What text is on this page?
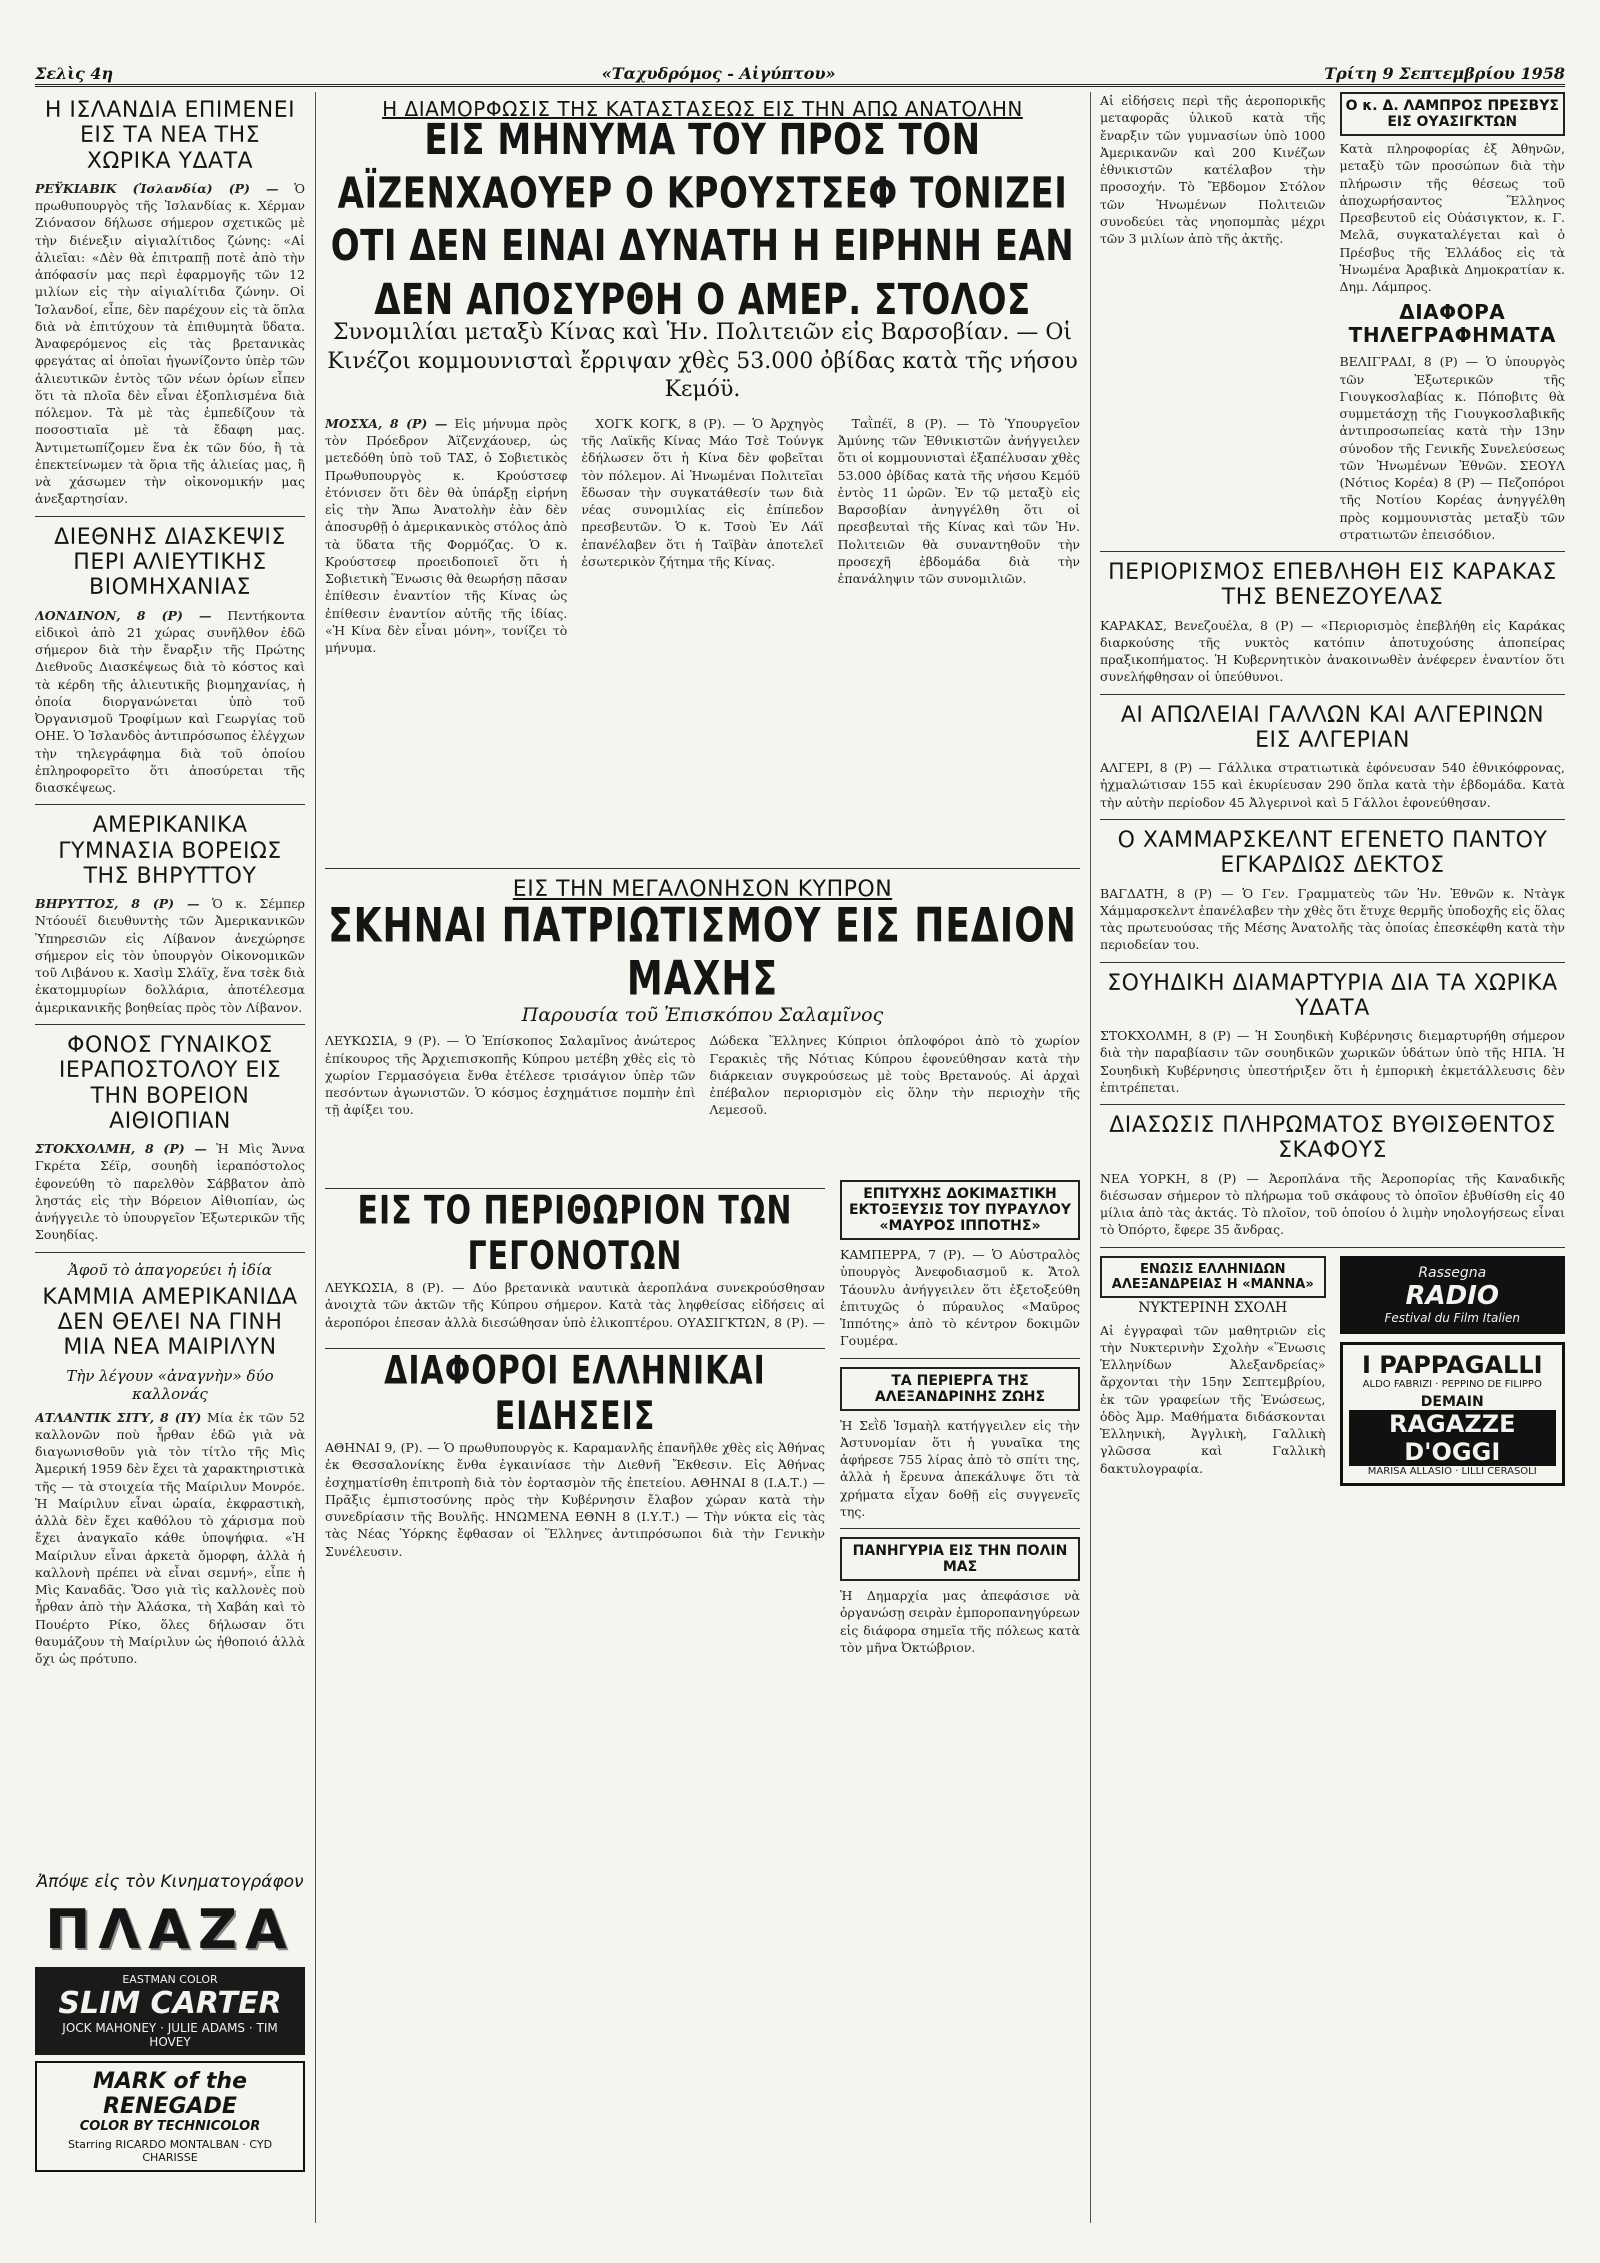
Σελὶς 4η	«Ταχυδρόμος - Αἰγύπτου»	Τρίτη 9 Σεπτεμβρίου 1958
Η ΙΣΛΑΝΔΙΑ ΕΠΙΜΕΝΕΙ ΕΙΣ ΤΑ ΝΕΑ ΤΗΣ ΧΩΡΙΚΑ ΥΔΑΤΑ

ΡΕΫΚΙΑΒΙΚ (Ἰσλανδία) (P) — Ὁ πρωθυπουργὸς τῆς Ἰσλανδίας κ. Χέρμαν Ζιόνασον δήλωσε σήμερον σχετικῶς μὲ τὴν διένεξιν αἰγιαλίτιδος ζώνης: «Αἱ ἁλιεῖαι: «Δὲν θὰ ἐπιτραπῇ ποτὲ ἀπὸ τὴν ἀπόφασίν μας περὶ ἐφαρμογῆς τῶν 12 μιλίων εἰς τὴν αἰγιαλίτιδα ζώνην. Οἱ Ἰσλανδοί, εἶπε, δὲν παρέχουν εἰς τὰ ὅπλα διὰ νὰ ἐπιτύχουν τὰ ἐπιθυμητὰ ὕδατα. Ἀναφερόμενος εἰς τὰς βρετανικὰς φρεγάτας αἱ ὁποῖαι ἠγωνίζοντο ὑπὲρ τῶν ἁλιευτικῶν ἐντὸς τῶν νέων ὁρίων εἶπεν ὅτι τὰ πλοῖα δὲν εἶναι ἐξοπλισμένα διὰ πόλεμον. Τὰ μὲ τὰς ἐμπεδίζουν τὰ ποσοστιαῖα μὲ τὰ ἔδαφη μας. Ἀντιμετωπίζομεν ἕνα ἐκ τῶν δύο, ἢ τὰ ἐπεκτείνωμεν τὰ ὅρια τῆς ἁλιείας μας, ἢ νὰ χάσωμεν τὴν οἰκονομικήν μας ἀνεξαρτησίαν.

ΔΙΕΘΝΗΣ ΔΙΑΣΚΕΨΙΣ ΠΕΡΙ ΑΛΙΕΥΤΙΚΗΣ ΒΙΟΜΗΧΑΝΙΑΣ

ΛΟΝΔΙΝΟΝ, 8 (P) — Πεντήκοντα εἰδικοὶ ἀπὸ 21 χώρας συνῆλθον ἐδῶ σήμερον διὰ τὴν ἔναρξιν τῆς Πρώτης Διεθνοῦς Διασκέψεως διὰ τὸ κόστος καὶ τὰ κέρδη τῆς ἁλιευτικῆς βιομηχανίας, ἡ ὁποία διοργανώνεται ὑπὸ τοῦ Ὀργανισμοῦ Τροφίμων καὶ Γεωργίας τοῦ ΟΗΕ. Ὁ Ἰσλανδὸς ἀντιπρόσωπος ἐλέγχων τὴν τηλεγράφημα διὰ τοῦ ὁποίου ἐπληροφορεῖτο ὅτι ἀποσύρεται τῆς διασκέψεως.

ΑΜΕΡΙΚΑΝΙΚΑ ΓΥΜΝΑΣΙΑ ΒΟΡΕΙΩΣ ΤΗΣ ΒΗΡΥΤΤΟΥ

ΒΗΡΥΤΤΟΣ, 8 (P) — Ὁ κ. Σέμπερ Ντόουέϊ διευθυντὴς τῶν Ἀμερικανικῶν Ὑπηρεσιῶν εἰς Λίβανον ἀνεχώρησε σήμερον εἰς τὸν ὑπουργὸν Οἰκονομικῶν τοῦ Λιβάνου κ. Χασὶμ Σλάϊχ, ἕνα τσὲκ διὰ ἐκατομμυρίων δολλάρια, ἀποτέλεσμα ἀμερικανικῆς βοηθείας πρὸς τὸν Λίβανον.

ΦΟΝΟΣ ΓΥΝΑΙΚΟΣ ΙΕΡΑΠΟΣΤΟΛΟΥ ΕΙΣ ΤΗΝ ΒΟΡΕΙΟΝ ΑΙΘΙΟΠΙΑΝ

ΣΤΟΚΧΟΛΜΗ, 8 (P) — Ἡ Μὶς Ἄννα Γκρέτα Σέϊρ, σουηδὴ ἱεραπόστολος ἐφονεύθη τὸ παρελθὸν Σάββατον ἀπὸ ληστάς εἰς τὴν Βόρειον Αἰθιοπίαν, ὡς ἀνήγγειλε τὸ ὑπουργεῖον Ἐξωτερικῶν τῆς Σουηδίας.

Ἀφοῦ τὸ ἀπαγορεύει ἡ ἰδία
ΚΑΜΜΙΑ ΑΜΕΡΙΚΑΝΙΔΑ ΔΕΝ ΘΕΛΕΙ ΝΑ ΓΙΝΗ ΜΙΑ ΝΕΑ ΜΑΙΡΙΛΥΝ
Τὴν λέγουν «ἀναγνὴν» δύο καλλονάς

ΑΤΛΑΝΤΙΚ ΣΙΤΥ, 8 (ΙΥ) Μία ἐκ τῶν 52 καλλονῶν ποὺ ἦρθαν ἐδῶ γιὰ νὰ διαγωνισθοῦν γιὰ τὸν τίτλο τῆς Μὶς Ἀμερική 1959 δὲν ἔχει τὰ χαρακτηριστικὰ τῆς — τὰ στοιχεία τῆς Μαίριλυν Μονρόε. Ἡ Μαίριλυν εἶναι ὡραία, ἐκφραστικὴ, ἀλλὰ δὲν ἔχει καθόλου τὸ χάρισμα ποὺ ἔχει ἀναγκαῖο κάθε ὑποψήφια. «Ἡ Μαίριλυν εἶναι ἀρκετὰ ὄμορφη, ἀλλὰ ἡ καλλονὴ πρέπει νὰ εἶναι σεμνή», εἶπε ἡ Μὶς Καναδᾶς. Ὅσο γιὰ τὶς καλλονὲς ποὺ ἦρθαν ἀπὸ τὴν Ἀλάσκα, τὴ Χαβάη καὶ τὸ Πουέρτο Ρίκο, ὅλες δήλωσαν ὅτι θαυμάζουν τὴ Μαίριλυν ὡς ἠθοποιό ἀλλὰ ὄχι ὡς πρότυπο.

Ἀπόψε εἰς τὸν Κινηματογράφον
ΠΛΑΖΑ
EASTMAN COLOR
SLIM CARTER
JOCK MAHONEY · JULIE ADAMS · TIM HOVEY
MARK of the RENEGADE
COLOR BY TECHNICOLOR
Starring RICARDO MONTALBAN · CYD CHARISSE
Η ΔΙΑΜΟΡΦΩΣΙΣ ΤΗΣ ΚΑΤΑΣΤΑΣΕΩΣ ΕΙΣ ΤΗΝ ΑΠΩ ΑΝΑΤΟΛΗΝ
ΕΙΣ ΜΗΝΥΜΑ ΤΟΥ ΠΡΟΣ ΤΟΝ ΑΪΖΕΝΧΑΟΥΕΡ Ο ΚΡΟΥΣΤΣΕΦ ΤΟΝΙΖΕΙ ΟΤΙ ΔΕΝ ΕΙΝΑΙ ΔΥΝΑΤΗ Η ΕΙΡΗΝΗ ΕΑΝ ΔΕΝ ΑΠΟΣΥΡΘΗ Ο ΑΜΕΡ. ΣΤΟΛΟΣ
Συνομιλίαι μεταξὺ Κίνας καὶ Ἡν. Πολιτειῶν εἰς Βαρσοβίαν. — Οἱ Κινέζοι κομμουνισταὶ ἔρριψαν χθὲς 53.000 ὀβίδας κατὰ τῆς νήσου Κεμόϋ.

ΜΟΣΧΑ, 8 (P) — Εἰς μήνυμα πρὸς τὸν Πρόεδρον Ἀϊζενχάουερ, ὡς μετεδόθη ὑπὸ τοῦ ΤΑΣ, ὁ Σοβιετικὸς Πρωθυπουργὸς κ. Κρούστσεφ ἐτόνισεν ὅτι δὲν θὰ ὑπάρξῃ εἰρήνη εἰς τὴν Ἄπω Ἀνατολὴν ἐὰν δὲν ἀποσυρθῇ ὁ ἀμερικανικὸς στόλος ἀπὸ τὰ ὕδατα τῆς Φορμόζας. Ὁ κ. Κρούστσεφ προειδοποιεῖ ὅτι ἡ Σοβιετικὴ Ἕνωσις θὰ θεωρήσῃ πᾶσαν ἐπίθεσιν ἐναντίον τῆς Κίνας ὡς ἐπίθεσιν ἐναντίον αὐτῆς τῆς ἰδίας. «Ἡ Κίνα δὲν εἶναι μόνη», τονίζει τὸ μήνυμα.

ΧΟΓΚ ΚΟΓΚ, 8 (P). — Ὁ Ἀρχηγὸς τῆς Λαϊκῆς Κίνας Μάο Τσὲ Τούνγκ ἐδήλωσεν ὅτι ἡ Κίνα δὲν φοβεῖται τὸν πόλεμον. Αἱ Ἡνωμέναι Πολιτεῖαι ἔδωσαν τὴν συγκατάθεσίν των διὰ νέας συνομιλίας εἰς ἐπίπεδον πρεσβευτῶν. Ὁ κ. Τσοὺ Ἐν Λάϊ ἐπανέλαβεν ὅτι ἡ Ταϊβὰν ἀποτελεῖ ἐσωτερικὸν ζήτημα τῆς Κίνας.

Ταῒπέϊ, 8 (P). — Τὸ Ὑπουργεῖον Ἀμύνης τῶν Ἐθνικιστῶν ἀνήγγειλεν ὅτι οἱ κομμουνισταὶ ἐξαπέλυσαν χθὲς 53.000 ὀβίδας κατὰ τῆς νήσου Κεμόϋ ἐντὸς 11 ὡρῶν. Ἐν τῷ μεταξὺ εἰς Βαρσοβίαν ἀνηγγέλθη ὅτι οἱ πρεσβευταὶ τῆς Κίνας καὶ τῶν Ἡν. Πολιτειῶν θὰ συναντηθοῦν τὴν προσεχῆ ἑβδομάδα διὰ τὴν ἐπανάληψιν τῶν συνομιλιῶν.

Αἱ εἰδήσεις περὶ τῆς ἀεροπορικῆς μεταφορᾶς ὑλικοῦ κατὰ τῆς ἔναρξιν τῶν γυμνασίων ὑπὸ 1000 Ἀμερικανῶν καὶ 200 Κινέζων ἐθνικιστῶν κατέλαβον τὴν προσοχήν. Τὸ Ἔβδομον Στόλον τῶν Ἡνωμένων Πολιτειῶν συνοδεύει τὰς νηοπομπὰς μέχρι τῶν 3 μιλίων ἀπὸ τῆς ἀκτῆς.

Ο κ. Δ. ΛΑΜΠΡΟΣ ΠΡΕΣΒΥΣ ΕΙΣ ΟΥΑΣΙΓΚΤΩΝ

Κατὰ πληροφορίας ἐξ Ἀθηνῶν, μεταξὺ τῶν προσώπων διὰ τὴν πλήρωσιν τῆς θέσεως τοῦ ἀποχωρήσαντος Ἕλληνος Πρεσβευτοῦ εἰς Οὐάσιγκτον, κ. Γ. Μελᾶ, συγκαταλέγεται καὶ ὁ Πρέσβυς τῆς Ἑλλάδος εἰς τὰ Ἡνωμένα Ἀραβικὰ Δημοκρατίαν κ. Δημ. Λάμπρος.

ΔΙΑΦΟΡΑ ΤΗΛΕΓΡΑΦΗΜΑΤΑ

ΒΕΛΙΓΡΑΔΙ, 8 (P) — Ὁ ὑπουργὸς τῶν Ἐξωτερικῶν τῆς Γιουγκοσλαβίας κ. Πόποβιτς θὰ συμμετάσχῃ τῆς Γιουγκοσλαβικῆς ἀντιπροσωπείας κατὰ τὴν 13ην σύνοδον τῆς Γενικῆς Συνελεύσεως τῶν Ἡνωμένων Ἐθνῶν. ΣΕΟΥΛ (Νότιος Κορέα) 8 (P) — Πεζοπόροι τῆς Νοτίου Κορέας ἀνηγγέλθη πρὸς κομμουνιστὰς μεταξὺ τῶν στρατιωτῶν ἐπεισόδιον.

ΠΕΡΙΟΡΙΣΜΟΣ ΕΠΕΒΛΗΘΗ ΕΙΣ ΚΑΡΑΚΑΣ ΤΗΣ ΒΕΝΕΖΟΥΕΛΑΣ

ΚΑΡΑΚΑΣ, Βενεζουέλα, 8 (P) — «Περιορισμὸς ἐπεβλήθη εἰς Καράκας διαρκούσης τῆς νυκτὸς κατόπιν ἀποτυχούσης ἀποπείρας πραξικοπήματος. Ἡ Κυβερνητικὸν ἀνακοινωθὲν ἀνέφερεν ἐναντίον ὅτι συνελήφθησαν οἱ ὑπεύθυνοι.

ΑΙ ΑΠΩΛΕΙΑΙ ΓΑΛΛΩΝ ΚΑΙ ΑΛΓΕΡΙΝΩΝ ΕΙΣ ΑΛΓΕΡΙΑΝ

ΑΛΓΕΡΙ, 8 (P) — Γάλλικα στρατιωτικὰ ἐφόνευσαν 540 ἐθνικόφρονας, ἠχμαλώτισαν 155 καὶ ἐκυρίευσαν 290 ὅπλα κατὰ τὴν ἑβδομάδα. Κατὰ τὴν αὐτὴν περίοδον 45 Ἀλγερινοὶ καὶ 5 Γάλλοι ἐφονεύθησαν.

Ο ΧΑΜΜΑΡΣΚΕΛΝΤ ΕΓΕΝΕΤΟ ΠΑΝΤΟΥ ΕΓΚΑΡΔΙΩΣ ΔΕΚΤΟΣ

ΒΑΓΔΑΤΗ, 8 (P) — Ὁ Γεν. Γραμματεὺς τῶν Ἡν. Ἐθνῶν κ. Ντὰγκ Χάμμαρσκελντ ἐπανέλαβεν τὴν χθὲς ὅτι ἔτυχε θερμῆς ὑποδοχῆς εἰς ὅλας τὰς πρωτευούσας τῆς Μέσης Ἀνατολῆς τὰς ὁποίας ἐπεσκέφθη κατὰ τὴν περιοδείαν του.

ΣΟΥΗΔΙΚΗ ΔΙΑΜΑΡΤΥΡΙΑ ΔΙΑ ΤΑ ΧΩΡΙΚΑ ΥΔΑΤΑ

ΣΤΟΚΧΟΛΜΗ, 8 (P) — Ἡ Σουηδικὴ Κυβέρνησις διεμαρτυρήθη σήμερον διὰ τὴν παραβίασιν τῶν σουηδικῶν χωρικῶν ὑδάτων ὑπὸ τῆς ΗΠΑ. Ἡ Σουηδικὴ Κυβέρνησις ὑπεστήριξεν ὅτι ἡ ἐμπορικὴ ἐκμετάλλευσις δὲν ἐπιτρέπεται.

ΔΙΑΣΩΣΙΣ ΠΛΗΡΩΜΑΤΟΣ ΒΥΘΙΣΘΕΝΤΟΣ ΣΚΑΦΟΥΣ

ΝΕΑ ΥΟΡΚΗ, 8 (P) — Ἀεροπλάνα τῆς Ἀεροπορίας τῆς Καναδικῆς διέσωσαν σήμερον τὸ πλήρωμα τοῦ σκάφους τὸ ὁποῖον ἐβυθίσθη εἰς 40 μίλια ἀπὸ τὰς ἀκτάς. Τὸ πλοῖον, τοῦ ὁποίου ὁ λιμὴν νηολογήσεως εἶναι τὸ Ὀπόρτο, ἔφερε 35 ἄνδρας.

ΕΝΩΣΙΣ ΕΛΛΗΝΙΔΩΝ ΑΛΕΞΑΝΔΡΕΙΑΣ Η «ΜΑΝΝΑ»
ΝΥΚΤΕΡΙΝΗ ΣΧΟΛΗ

Αἱ ἐγγραφαὶ τῶν μαθητριῶν εἰς τὴν Νυκτερινὴν Σχολὴν «Ἕνωσις Ἑλληνίδων Ἀλεξανδρείας» ἄρχονται τὴν 15ην Σεπτεμβρίου, ἐκ τῶν γραφείων τῆς Ἑνώσεως, ὁδὸς Ἀμρ. Μαθήματα διδάσκονται Ἑλληνικὴ, Ἀγγλικὴ, Γαλλικὴ γλῶσσα καὶ Γαλλικὴ δακτυλογραφία.

Rassegna
RADIO
Festival du Film Italien
I PAPPAGALLI
ALDO FABRIZI · PEPPINO DE FILIPPO
DEMAIN
RAGAZZE D'OGGI
MARISA ALLASIO · LILLI CERASOLI
ΕΙΣ ΤΗΝ ΜΕΓΑΛΟΝΗΣΟΝ ΚΥΠΡΟΝ
ΣΚΗΝΑΙ ΠΑΤΡΙΩΤΙΣΜΟΥ ΕΙΣ ΠΕΔΙΟΝ ΜΑΧΗΣ
Παρουσία τοῦ Ἐπισκόπου Σαλαμῖνος

ΛΕΥΚΩΣΙΑ, 9 (P). — Ὁ Ἐπίσκοπος Σαλαμῖνος ἀνώτερος ἐπίκουρος τῆς Ἀρχιεπισκοπῆς Κύπρου μετέβη χθὲς εἰς τὸ χωρίον Γερμασόγεια ἔνθα ἐτέλεσε τρισάγιον ὑπὲρ τῶν πεσόντων ἀγωνιστῶν. Ὁ κόσμος ἐσχημάτισε πομπὴν ἐπὶ τῇ ἀφίξει του.

Δώδεκα Ἕλληνες Κύπριοι ὁπλοφόροι ἀπὸ τὸ χωρίον Γερακιὲς τῆς Νότιας Κύπρου ἐφονεύθησαν κατὰ τὴν διάρκειαν συγκρούσεως μὲ τοὺς Βρετανούς. Αἱ ἀρχαὶ ἐπέβαλον περιορισμὸν εἰς ὅλην τὴν περιοχὴν τῆς Λεμεσοῦ.

ΕΙΣ ΤΟ ΠΕΡΙΘΩΡΙΟΝ ΤΩΝ ΓΕΓΟΝΟΤΩΝ

ΛΕΥΚΩΣΙΑ, 8 (P). — Δύο βρετανικὰ ναυτικὰ ἀεροπλάνα συνεκρούσθησαν ἀνοιχτὰ τῶν ἀκτῶν τῆς Κύπρου σήμερον. Κατὰ τὰς ληφθείσας εἰδήσεις αἱ ἀεροπόροι ἐπεσαν ἀλλὰ διεσώθησαν ὑπὸ ἐλικοπτέρου. ΟΥΑΣΙΓΚΤΩΝ, 8 (P). —

ΔΙΑΦΟΡΟΙ ΕΛΛΗΝΙΚΑΙ ΕΙΔΗΣΕΙΣ

ΑΘΗΝΑΙ 9, (P). — Ὁ πρωθυπουργὸς κ. Καραμανλῆς ἐπανῆλθε χθὲς εἰς Ἀθήνας ἐκ Θεσσαλονίκης ἔνθα ἐγκαινίασε τὴν Διεθνῆ Ἔκθεσιν. Εἰς Ἀθήνας ἐσχηματίσθη ἐπιτροπὴ διὰ τὸν ἐορτασμὸν τῆς ἐπετείου. ΑΘΗΝΑΙ 8 (Ι.Α.Τ.) — Πρᾶξις ἐμπιστοσύνης πρὸς τὴν Κυβέρνησιν ἔλαβον χώραν κατὰ τὴν συνεδρίασιν τῆς Βουλῆς. ΗΝΩΜΕΝΑ ΕΘΝΗ 8 (Ι.Υ.Τ.) — Τὴν νύκτα εἰς τὰς τὰς Νέας Ὑόρκης ἔφθασαν οἱ Ἕλληνες ἀντιπρόσωποι διὰ τὴν Γενικὴν Συνέλευσιν.

ΕΠΙΤΥΧΗΣ ΔΟΚΙΜΑΣΤΙΚΗ ΕΚΤΟΞΕΥΣΙΣ ΤΟΥ ΠΥΡΑΥΛΟΥ «ΜΑΥΡΟΣ ΙΠΠΟΤΗΣ»

ΚΑΜΠΕΡΡΑ, 7 (P). — Ὁ Αὐστραλὸς ὑπουργὸς Ἀνεφοδιασμοῦ κ. Ἄτολ Τάουνλυ ἀνήγγειλεν ὅτι ἐξετοξεύθη ἐπιτυχῶς ὁ πύραυλος «Μαῦρος Ἱππότης» ἀπὸ τὸ κέντρον δοκιμῶν Γουμέρα.

ΤΑ ΠΕΡΙΕΡΓΑ ΤΗΣ ΑΛΕΞΑΝΔΡΙΝΗΣ ΖΩΗΣ

Ἡ Σεῒδ Ἰσμαὴλ κατήγγειλεν εἰς τὴν Ἀστυνομίαν ὅτι ἡ γυναῖκα της ἀφήρεσε 755 λίρας ἀπὸ τὸ σπίτι της, ἀλλὰ ἡ ἔρευνα ἀπεκάλυψε ὅτι τὰ χρήματα εἶχαν δοθῇ εἰς συγγενεῖς της.

ΠΑΝΗΓΥΡΙΑ ΕΙΣ ΤΗΝ ΠΟΛΙΝ ΜΑΣ

Ἡ Δημαρχία μας ἀπεφάσισε νὰ ὀργανώσῃ σειρὰν ἐμποροπανηγύρεων εἰς διάφορα σημεῖα τῆς πόλεως κατὰ τὸν μῆνα Ὀκτώβριον.
